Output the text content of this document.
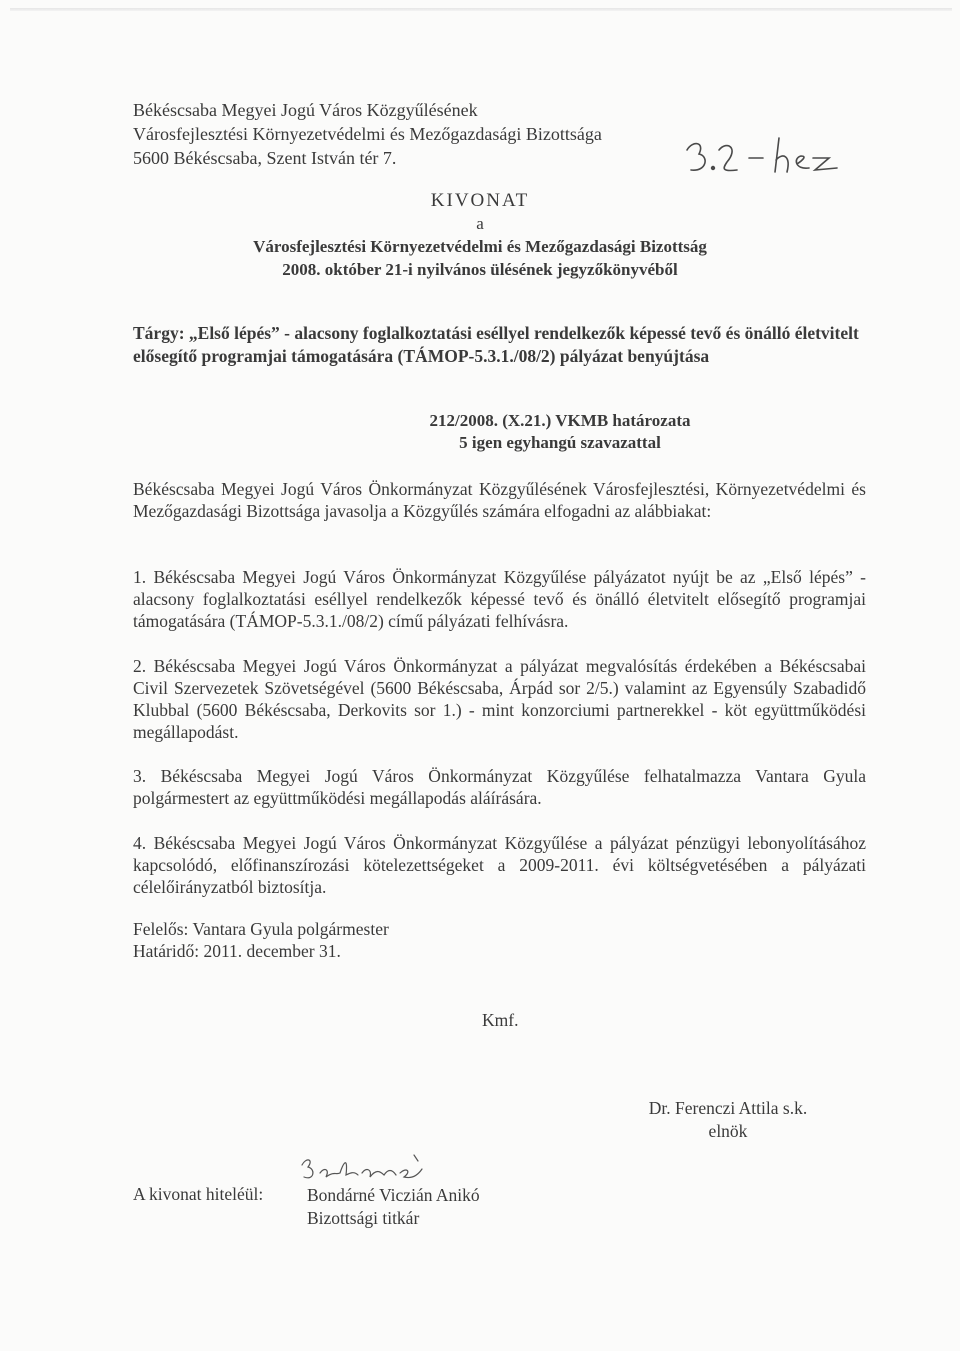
Békéscsaba Megyei Jogú Város Közgyűlésének
Városfejlesztési Környezetvédelmi és Mezőgazdasági Bizottsága
5600 Békéscsaba, Szent István tér 7.
KIVONAT
a
Városfejlesztési Környezetvédelmi és Mezőgazdasági Bizottság
2008. október 21-i nyilvános ülésének jegyzőkönyvéből
Tárgy: „Első lépés” - alacsony foglalkoztatási eséllyel rendelkezők képessé tevő és önálló életvitelt elősegítő programjai támogatására (TÁMOP-5.3.1./08/2) pályázat benyújtása
212/2008. (X.21.) VKMB határozata
5 igen egyhangú szavazattal
Békéscsaba Megyei Jogú Város Önkormányzat Közgyűlésének Városfejlesztési, Környezetvédelmi és Mezőgazdasági Bizottsága javasolja a Közgyűlés számára elfogadni az alábbiakat:
1. Békéscsaba Megyei Jogú Város Önkormányzat Közgyűlése pályázatot nyújt be az „Első lépés” - alacsony foglalkoztatási eséllyel rendelkezők képessé tevő és önálló életvitelt elősegítő programjai támogatására (TÁMOP-5.3.1./08/2) című pályázati felhívásra.
2. Békéscsaba Megyei Jogú Város Önkormányzat a pályázat megvalósítás érdekében a Békéscsabai Civil Szervezetek Szövetségével (5600 Békéscsaba, Árpád sor 2/5.) valamint az Egyensúly Szabadidő Klubbal (5600 Békéscsaba, Derkovits sor 1.) - mint konzorciumi partnerekkel - köt együttműködési megállapodást.
3. Békéscsaba Megyei Jogú Város Önkormányzat Közgyűlése felhatalmazza Vantara Gyula polgármestert az együttműködési megállapodás aláírására.
4. Békéscsaba Megyei Jogú Város Önkormányzat Közgyűlése a pályázat pénzügyi lebonyolításához kapcsolódó, előfinanszírozási kötelezettségeket a 2009-2011. évi költségvetésében a pályázati célelőirányzatból biztosítja.
Felelős: Vantara Gyula polgármester
Határidő: 2011. december 31.
Kmf.
Dr. Ferenczi Attila s.k.
elnök
A kivonat hiteléül: Bondárné Viczián Anikó
Bizottsági titkár
